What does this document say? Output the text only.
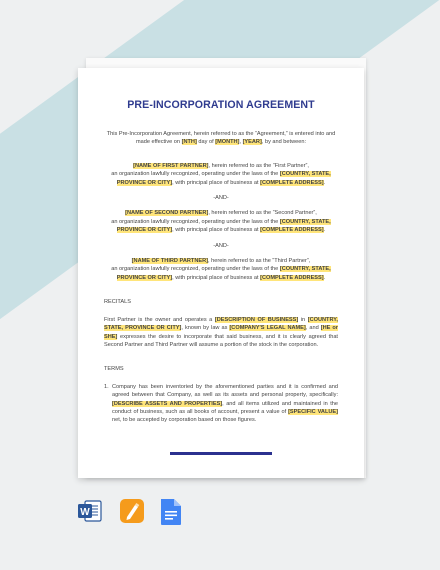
PRE-INCORPORATION AGREEMENT
This Pre-Incorporation Agreement, herein referred to as the “Agreement,” is entered into and made effective on [NTH] day of [MONTH], [YEAR], by and between:
[NAME OF FIRST PARTNER], herein referred to as the “First Partner”,
an organization lawfully recognized, operating under the laws of the [COUNTRY, STATE, PROVINCE OR CITY], with principal place of business at [COMPLETE ADDRESS].
-AND-
[NAME OF SECOND PARTNER], herein referred to as the “Second Partner”,
an organization lawfully recognized, operating under the laws of the [COUNTRY, STATE, PROVINCE OR CITY], with principal place of business at [COMPLETE ADDRESS].
-AND-
[NAME OF THIRD PARTNER], herein referred to as the “Third Partner”,
an organization lawfully recognized, operating under the laws of the [COUNTRY, STATE, PROVINCE OR CITY], with principal place of business at [COMPLETE ADDRESS].
RECITALS
First Partner is the owner and operates a [DESCRIPTION OF BUSINESS] in [COUNTRY, STATE, PROVINCE OR CITY], known by law as [COMPANY'S LEGAL NAME], and [HE or SHE] expresses the desire to incorporate that said business, and it is clearly agreed that Second Partner and Third Partner will assume a portion of the stock in the corporation.
TERMS
1. Company has been inventoried by the aforementioned parties and it is confirmed and agreed between that Company, as well as its assets and personal property, specifically: [DESCRIBE ASSETS AND PROPERTIES], and all items utilized and maintained in the conduct of business, such as all books of account, present a value of [SPECIFIC VALUE] net, to be accepted by corporation based on those figures.
W
